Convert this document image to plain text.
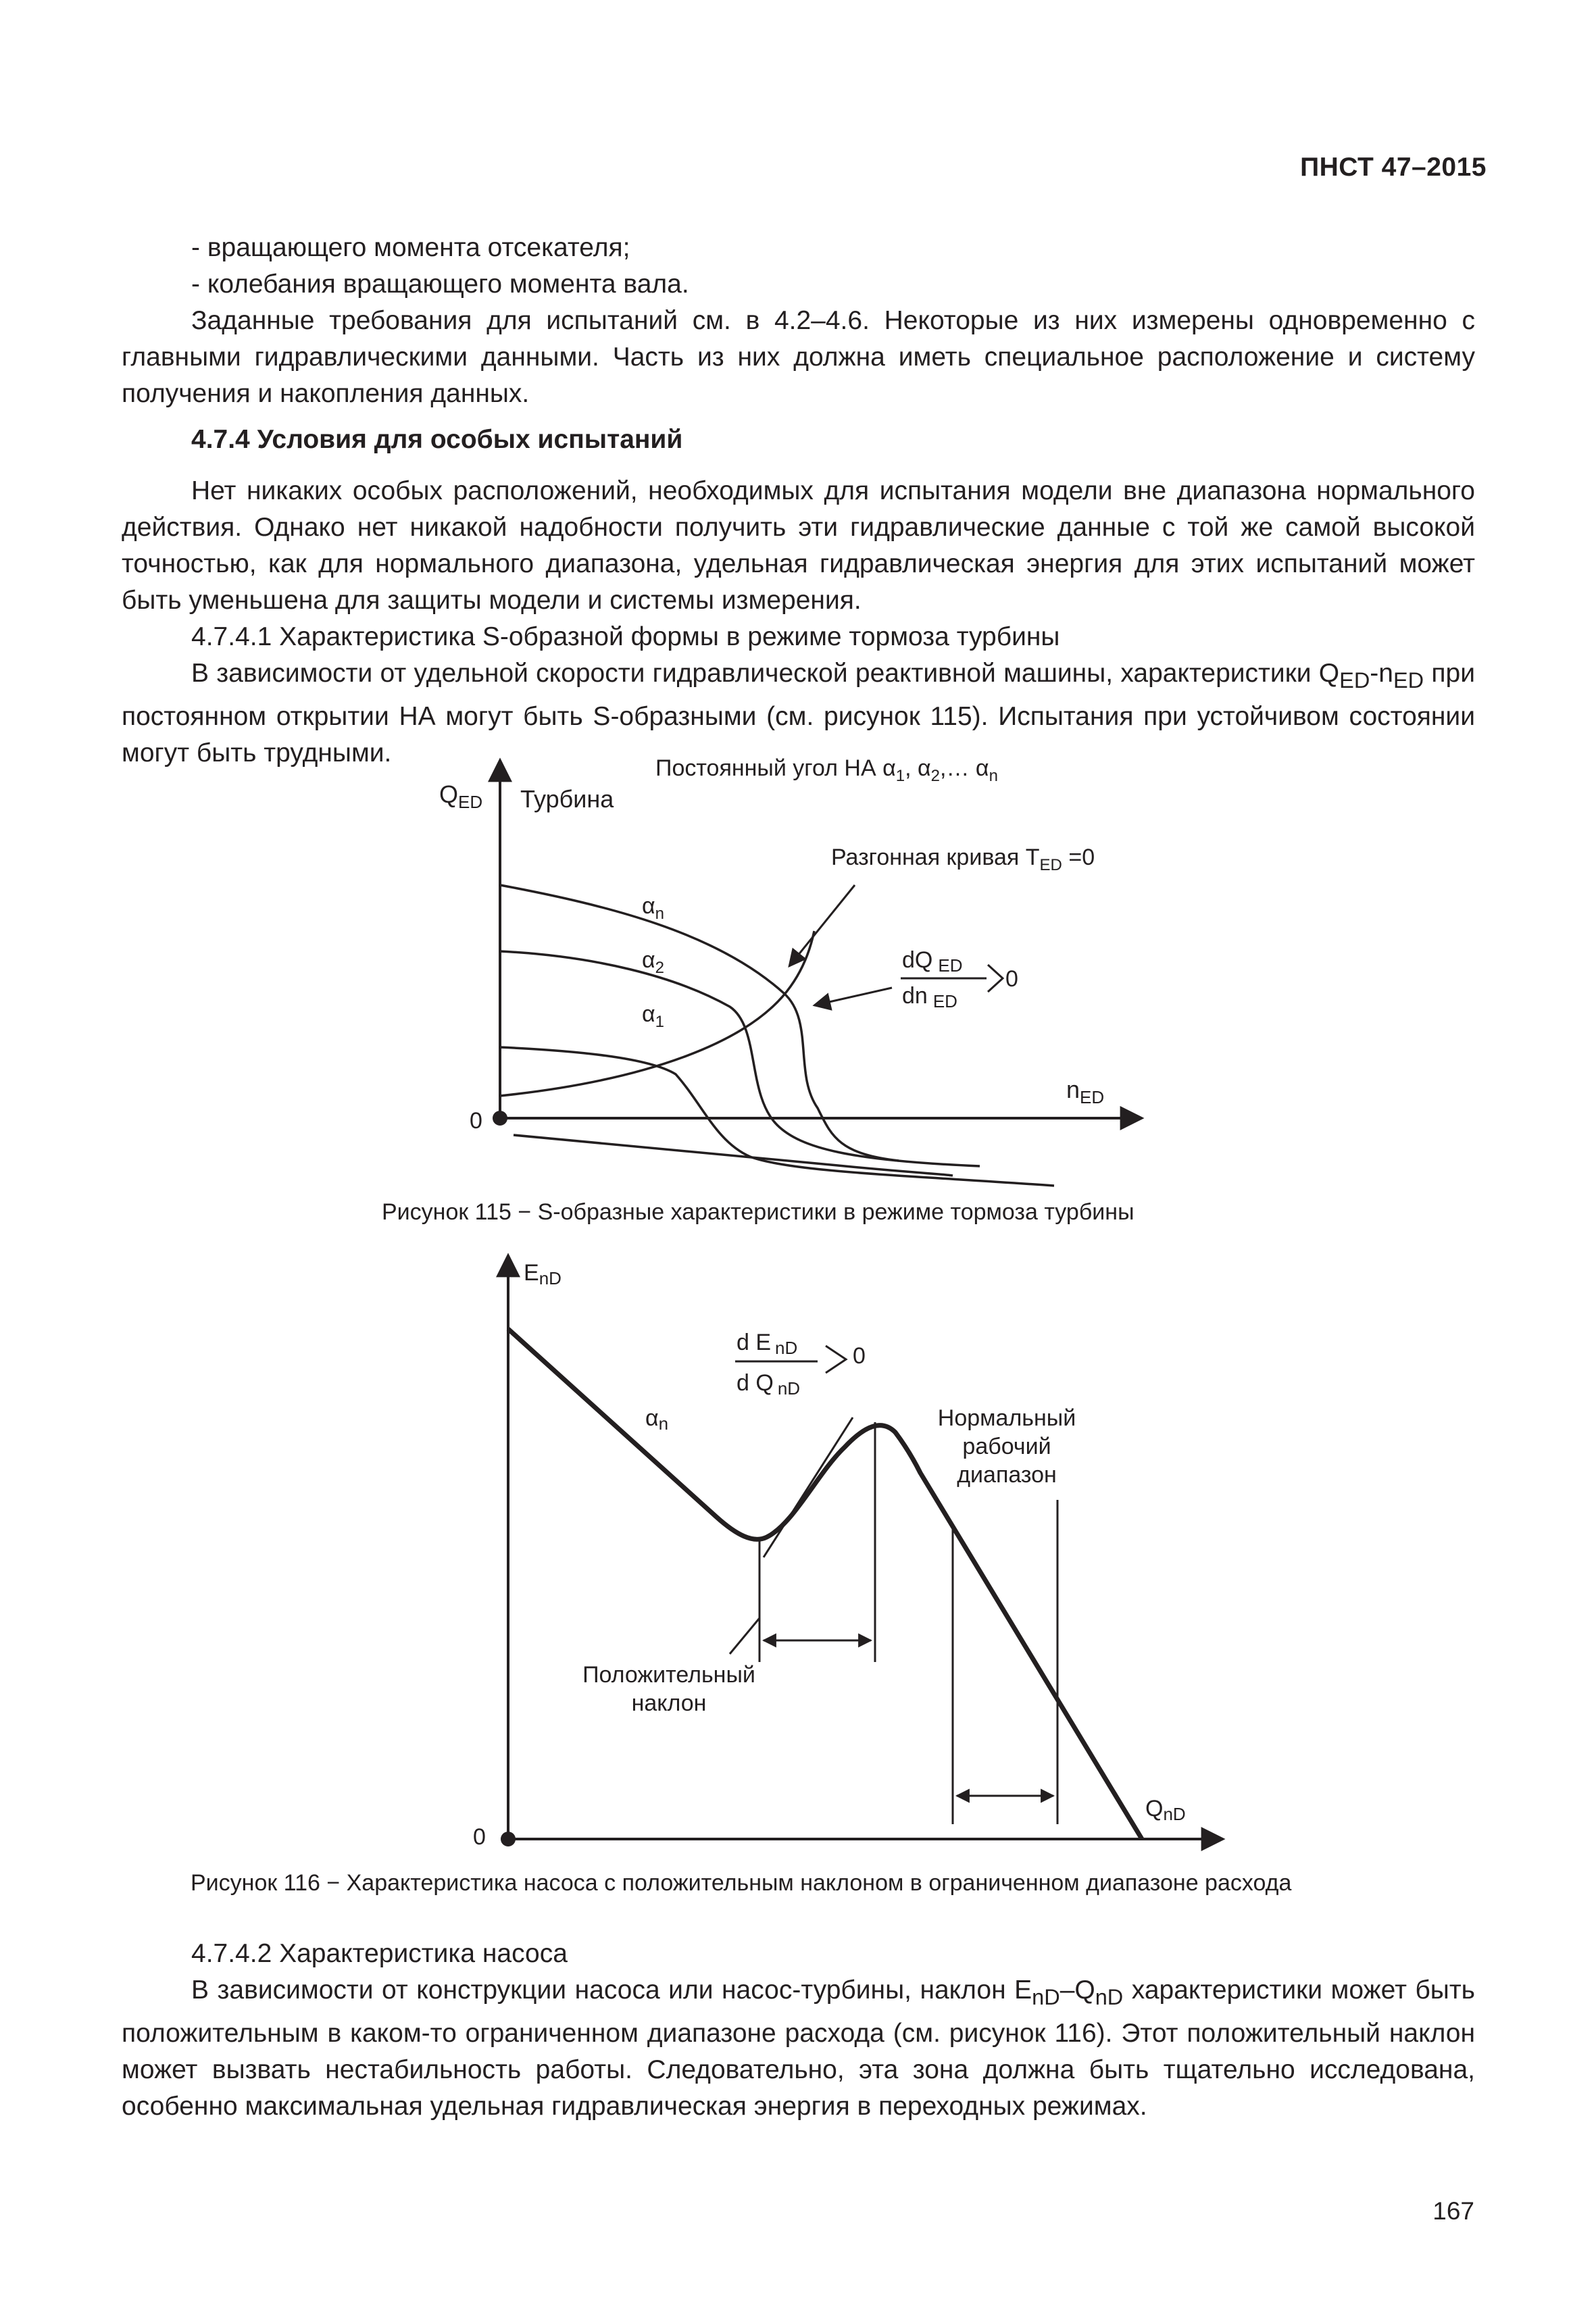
ПНСТ 47–2015

- вращающего момента отсекателя;

- колебания вращающего момента вала.

Заданные требования для испытаний см. в 4.2–4.6. Некоторые из них измерены одновременно с главными гидравлическими данными. Часть из них должна иметь специальное расположение и систему получения и накопления данных.

4.7.4 Условия для особых испытаний

Нет никаких особых расположений, необходимых для испытания модели вне диапазона нормального действия. Однако нет никакой надобности получить эти гидравлические данные с той же самой высокой точностью, как для нормального диапазона, удельная гидравлическая энергия для этих испытаний может быть уменьшена для защиты модели и системы измерения.

4.7.4.1 Характеристика S-образной формы в режиме тормоза турбины

В зависимости от удельной скорости гидравлической реактивной машины, характеристики $Q_{ED}-n_{ED}$ при постоянном открытии НА могут быть S-образными (см. рисунок 115). Испытания при устойчивом состоянии могут быть трудными.

0
$Q_{ED}$ Турбина
$n_{ED}$
Постоянный угол НА $\alpha_1$, $\alpha_2,\dots$ $\alpha_n$
$\alpha_n$
$\alpha_2$
$\alpha_1$
Разгонная кривая $T_{ED} =0$
dQ ED
dn ED
0
Рисунок 115 − S-образные характеристики в режиме тормоза турбины
0
EnD
QnD
αn
d E nD
d Q nD
0
Положительный
наклон
Нормальный
рабочий
диапазон
Рисунок 116 − Характеристика насоса с положительным наклоном в ограниченном диапазоне расхода

4.7.4.2 Характеристика насоса

В зависимости от конструкции насоса или насос-турбины, наклон $E_{nD}-Q_{nD}$ характеристики может быть положительным в каком-то ограниченном диапазоне расхода (см. рисунок 116). Этот положительный наклон может вызвать нестабильность работы. Следовательно, эта зона должна быть тщательно исследована, особенно максимальная удельная гидравлическая энергия в переходных режимах.

167
